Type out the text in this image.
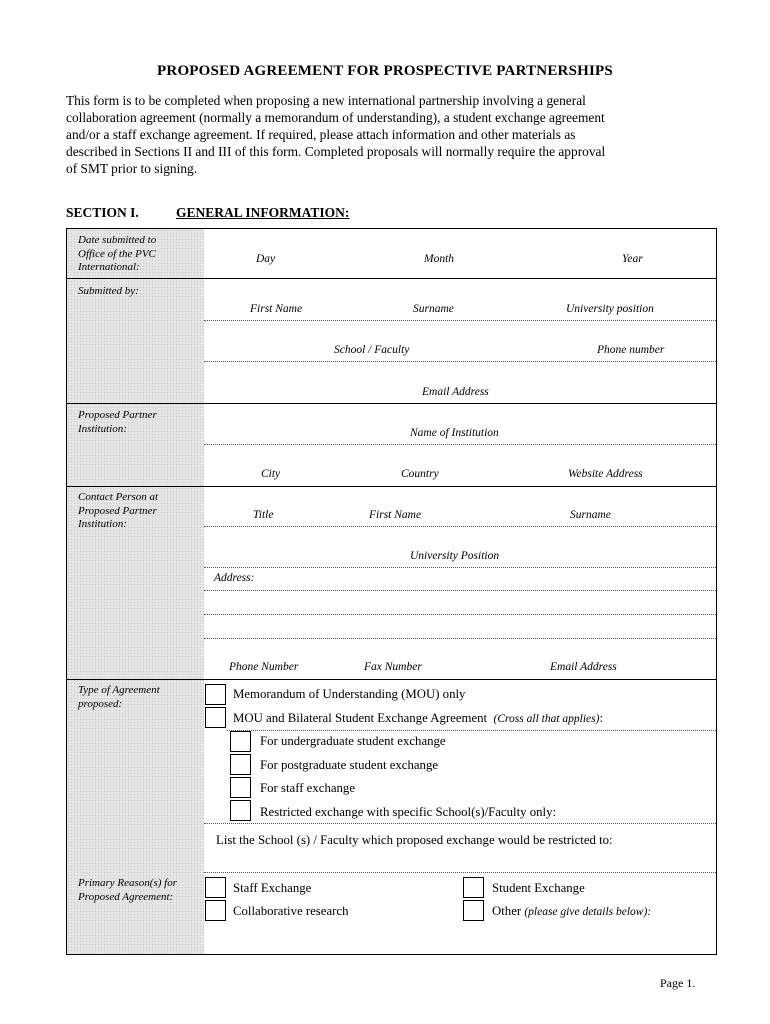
PROPOSED AGREEMENT FOR PROSPECTIVE PARTNERSHIPS
This form is to be completed when proposing a new international partnership involving a general
collaboration agreement (normally a memorandum of understanding), a student exchange agreement
and/or a staff exchange agreement. If required, please attach information and other materials as
described in Sections II and III of this form. Completed proposals will normally require the approval
of SMT prior to signing.
SECTION I.	GENERAL INFORMATION:
Date submitted to
Office of the PVC
International:
Day	Month	Year
Submitted by:
First Name	Surname	University position
School / Faculty	Phone number
Email Address
Proposed Partner
Institution:	Name of Institution
City	Country	Website Address
Contact Person at
Proposed Partner
Institution:
Title	First Name	Surname
University Position
Address:
Phone Number	Fax Number	Email Address
Type of Agreement
proposed:
Memorandum of Understanding (MOU) only
MOU and Bilateral Student Exchange Agreement (Cross all that applies):
For undergraduate student exchange
For postgraduate student exchange
For staff exchange
Restricted exchange with specific School(s)/Faculty only:
List the School (s) / Faculty which proposed exchange would be restricted to:
Primary Reason(s) for
Proposed Agreement:
Staff Exchange	Student Exchange
Collaborative research	Other (please give details below):
Page 1.
